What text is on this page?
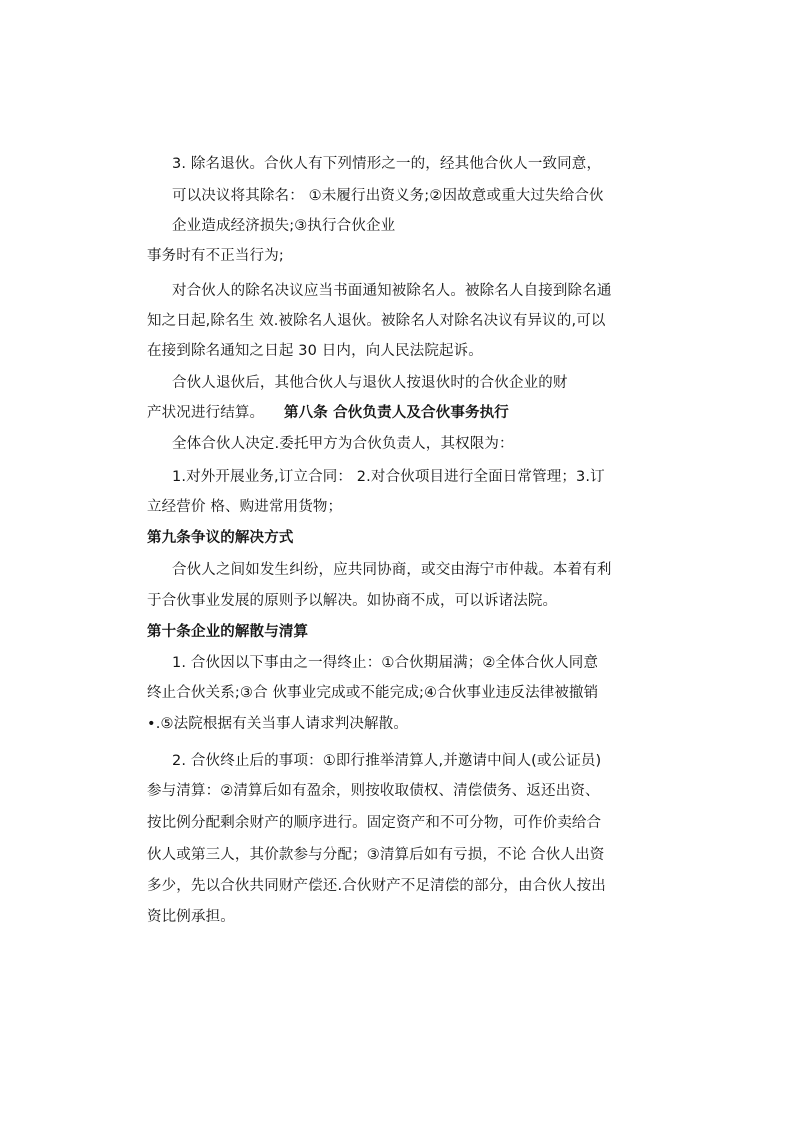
3. 除名退伙。合伙人有下列情形之一的，经其他合伙人一致同意，
可以决议将其除名： ①未履行出资义务;②因故意或重大过失给合伙
企业造成经济损失;③执行合伙企业
事务时有不正当行为;
对合伙人的除名决议应当书面通知被除名人。被除名人自接到除名通
知之日起,除名生 效.被除名人退伙。被除名人对除名决议有异议的,可以
在接到除名通知之日起 30 日内，向人民法院起诉。
合伙人退伙后，其他合伙人与退伙人按退伙时的合伙企业的财
产状况进行结算。 第八条 合伙负责人及合伙事务执行
全体合伙人决定.委托甲方为合伙负责人，其权限为：
1.对外开展业务,订立合同： 2.对合伙项目进行全面日常管理；3.订
立经营价 格、购进常用货物；
第九条争议的解决方式
合伙人之间如发生纠纷，应共同协商，或交由海宁市仲裁。本着有利
于合伙事业发展的原则予以解决。如协商不成，可以诉诸法院。
第十条企业的解散与清算
1. 合伙因以下事由之一得终止：①合伙期届满；②全体合伙人同意
终止合伙关系;③合 伙事业完成或不能完成;④合伙事业违反法律被撤销
•.⑤法院根据有关当事人请求判决解散。
2. 合伙终止后的事项：①即行推举清算人,并邀请中间人(或公证员)
参与清算：②清算后如有盈余，则按收取债权、清偿债务、返还出资、
按比例分配剩余财产的顺序进行。固定资产和不可分物，可作价卖给合
伙人或第三人，其价款参与分配；③清算后如有亏损，不论 合伙人出资
多少，先以合伙共同财产偿还.合伙财产不足清偿的部分，由合伙人按出
资比例承担。
